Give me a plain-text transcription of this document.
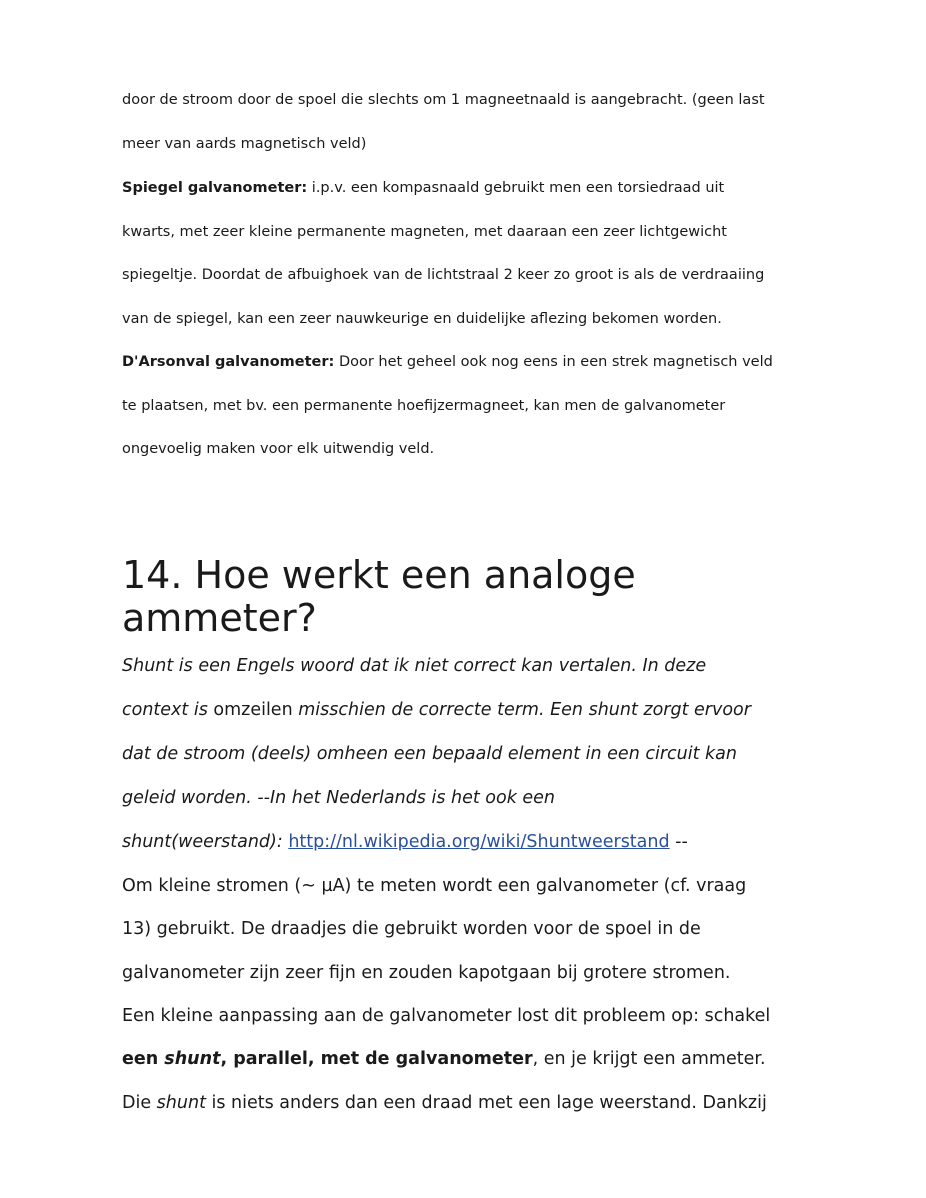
door de stroom door de spoel die slechts om 1 magneetnaald is aangebracht. (geen last
meer van aards magnetisch veld)
Spiegel galvanometer: i.p.v. een kompasnaald gebruikt men een torsiedraad uit
kwarts, met zeer kleine permanente magneten, met daaraan een zeer lichtgewicht
spiegeltje. Doordat de afbuighoek van de lichtstraal 2 keer zo groot is als de verdraaiing
van de spiegel, kan een zeer nauwkeurige en duidelijke aflezing bekomen worden.
D'Arsonval galvanometer: Door het geheel ook nog eens in een strek magnetisch veld
te plaatsen, met bv. een permanente hoefijzermagneet, kan men de galvanometer
ongevoelig maken voor elk uitwendig veld.
14. Hoe werkt een analoge
ammeter?
Shunt is een Engels woord dat ik niet correct kan vertalen. In deze
context is omzeilen misschien de correcte term. Een shunt zorgt ervoor
dat de stroom (deels) omheen een bepaald element in een circuit kan
geleid worden. --In het Nederlands is het ook een
shunt(weerstand): http://nl.wikipedia.org/wiki/Shuntweerstand --
Om kleine stromen (~ µA) te meten wordt een galvanometer (cf. vraag
13) gebruikt. De draadjes die gebruikt worden voor de spoel in de
galvanometer zijn zeer fijn en zouden kapotgaan bij grotere stromen.
Een kleine aanpassing aan de galvanometer lost dit probleem op: schakel
een shunt, parallel, met de galvanometer, en je krijgt een ammeter.
Die shunt is niets anders dan een draad met een lage weerstand. Dankzij
